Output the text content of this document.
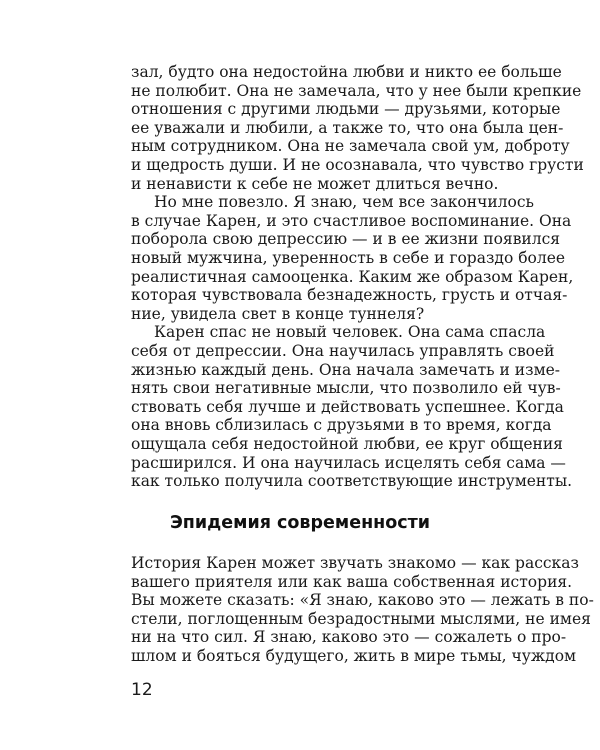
зал, будто она недостойна любви и никто ее больше
не полюбит. Она не замечала, что у нее были крепкие
отношения с другими людьми — друзьями, которые
ее уважали и любили, а также то, что она была цен-
ным сотрудником. Она не замечала свой ум, доброту
и щедрость души. И не осознавала, что чувство грусти
и ненависти к себе не может длиться вечно.
Но мне повезло. Я знаю, чем все закончилось
в случае Карен, и это счастливое воспоминание. Она
поборола свою депрессию — и в ее жизни появился
новый мужчина, уверенность в себе и гораздо более
реалистичная самооценка. Каким же образом Карен,
которая чувствовала безнадежность, грусть и отчая-
ние, увидела свет в конце туннеля?
Карен спас не новый человек. Она сама спасла
себя от депрессии. Она научилась управлять своей
жизнью каждый день. Она начала замечать и изме-
нять свои негативные мысли, что позволило ей чув-
ствовать себя лучше и действовать успешнее. Когда
она вновь сблизилась с друзьями в то время, когда
ощущала себя недостойной любви, ее круг общения
расширился. И она научилась исцелять себя сама —
как только получила соответствующие инструменты.
Эпидемия современности
История Карен может звучать знакомо — как рассказ
вашего приятеля или как ваша собственная история.
Вы можете сказать: «Я знаю, каково это — лежать в по-
стели, поглощенным безрадостными мыслями, не имея
ни на что сил. Я знаю, каково это — сожалеть о про-
шлом и бояться будущего, жить в мире тьмы, чуждом
12
